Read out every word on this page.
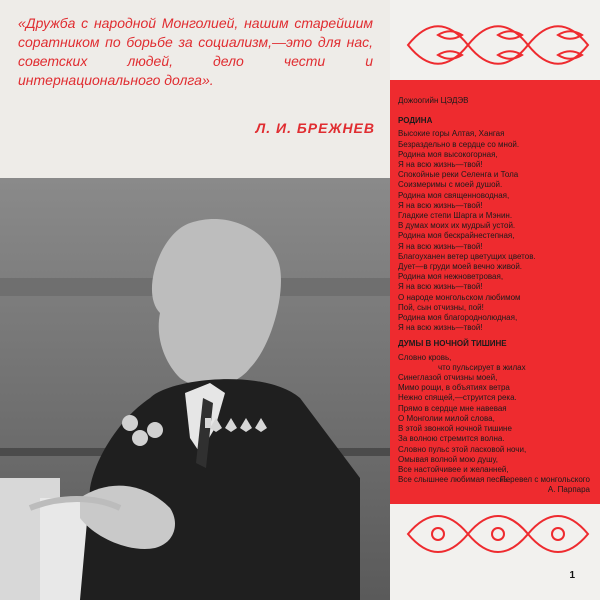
«Дружба с народной Монголией, нашим старейшим соратником по борьбе за социализм,—это для нас, советских людей, дело чести и интернационального долга».
Л. И. БРЕЖНЕВ
Дожоогийн ЦЭДЭВ
РОДИНА
Высокие горы Алтая, Хангая
Безраздельно в сердце со мной.
Родина моя высокогорная,
Я на всю жизнь—твой!
Спокойные реки Селенга и Тола
Соизмеримы с моей душой.
Родина моя священноводная,
Я на всю жизнь—твой!
Гладкие степи Шарга и Мэнин.
В думах моих их мудрый устой.
Родина моя бескрайнестепная,
Я на всю жизнь—твой!
Благоуханен ветер цветущих цветов.
Дует—в груди моей вечно живой.
Родина моя нежноветровая,
Я на всю жизнь—твой!
О народе монгольском любимом
Пой, сын отчизны, пой!
Родина моя благороднолюдная,
Я на всю жизнь—твой!
ДУМЫ В НОЧНОЙ ТИШИНЕ
Словно кровь,
что пульсирует в жилах
Синеглазой отчизны моей,
Мимо рощи, в объятиях ветра
Нежно спящей,—струится река.
Прямо в сердце мне навевая
О Монголии милой слова,
В этой звонкой ночной тишине
За волною стремится волна.
Словно пульс этой ласковой ночи,
Омывая волной мою душу,
Все настойчивее и желанней,
Все слышнее любимая песнь.
Перевел с монгольского
А. Парпара
1
